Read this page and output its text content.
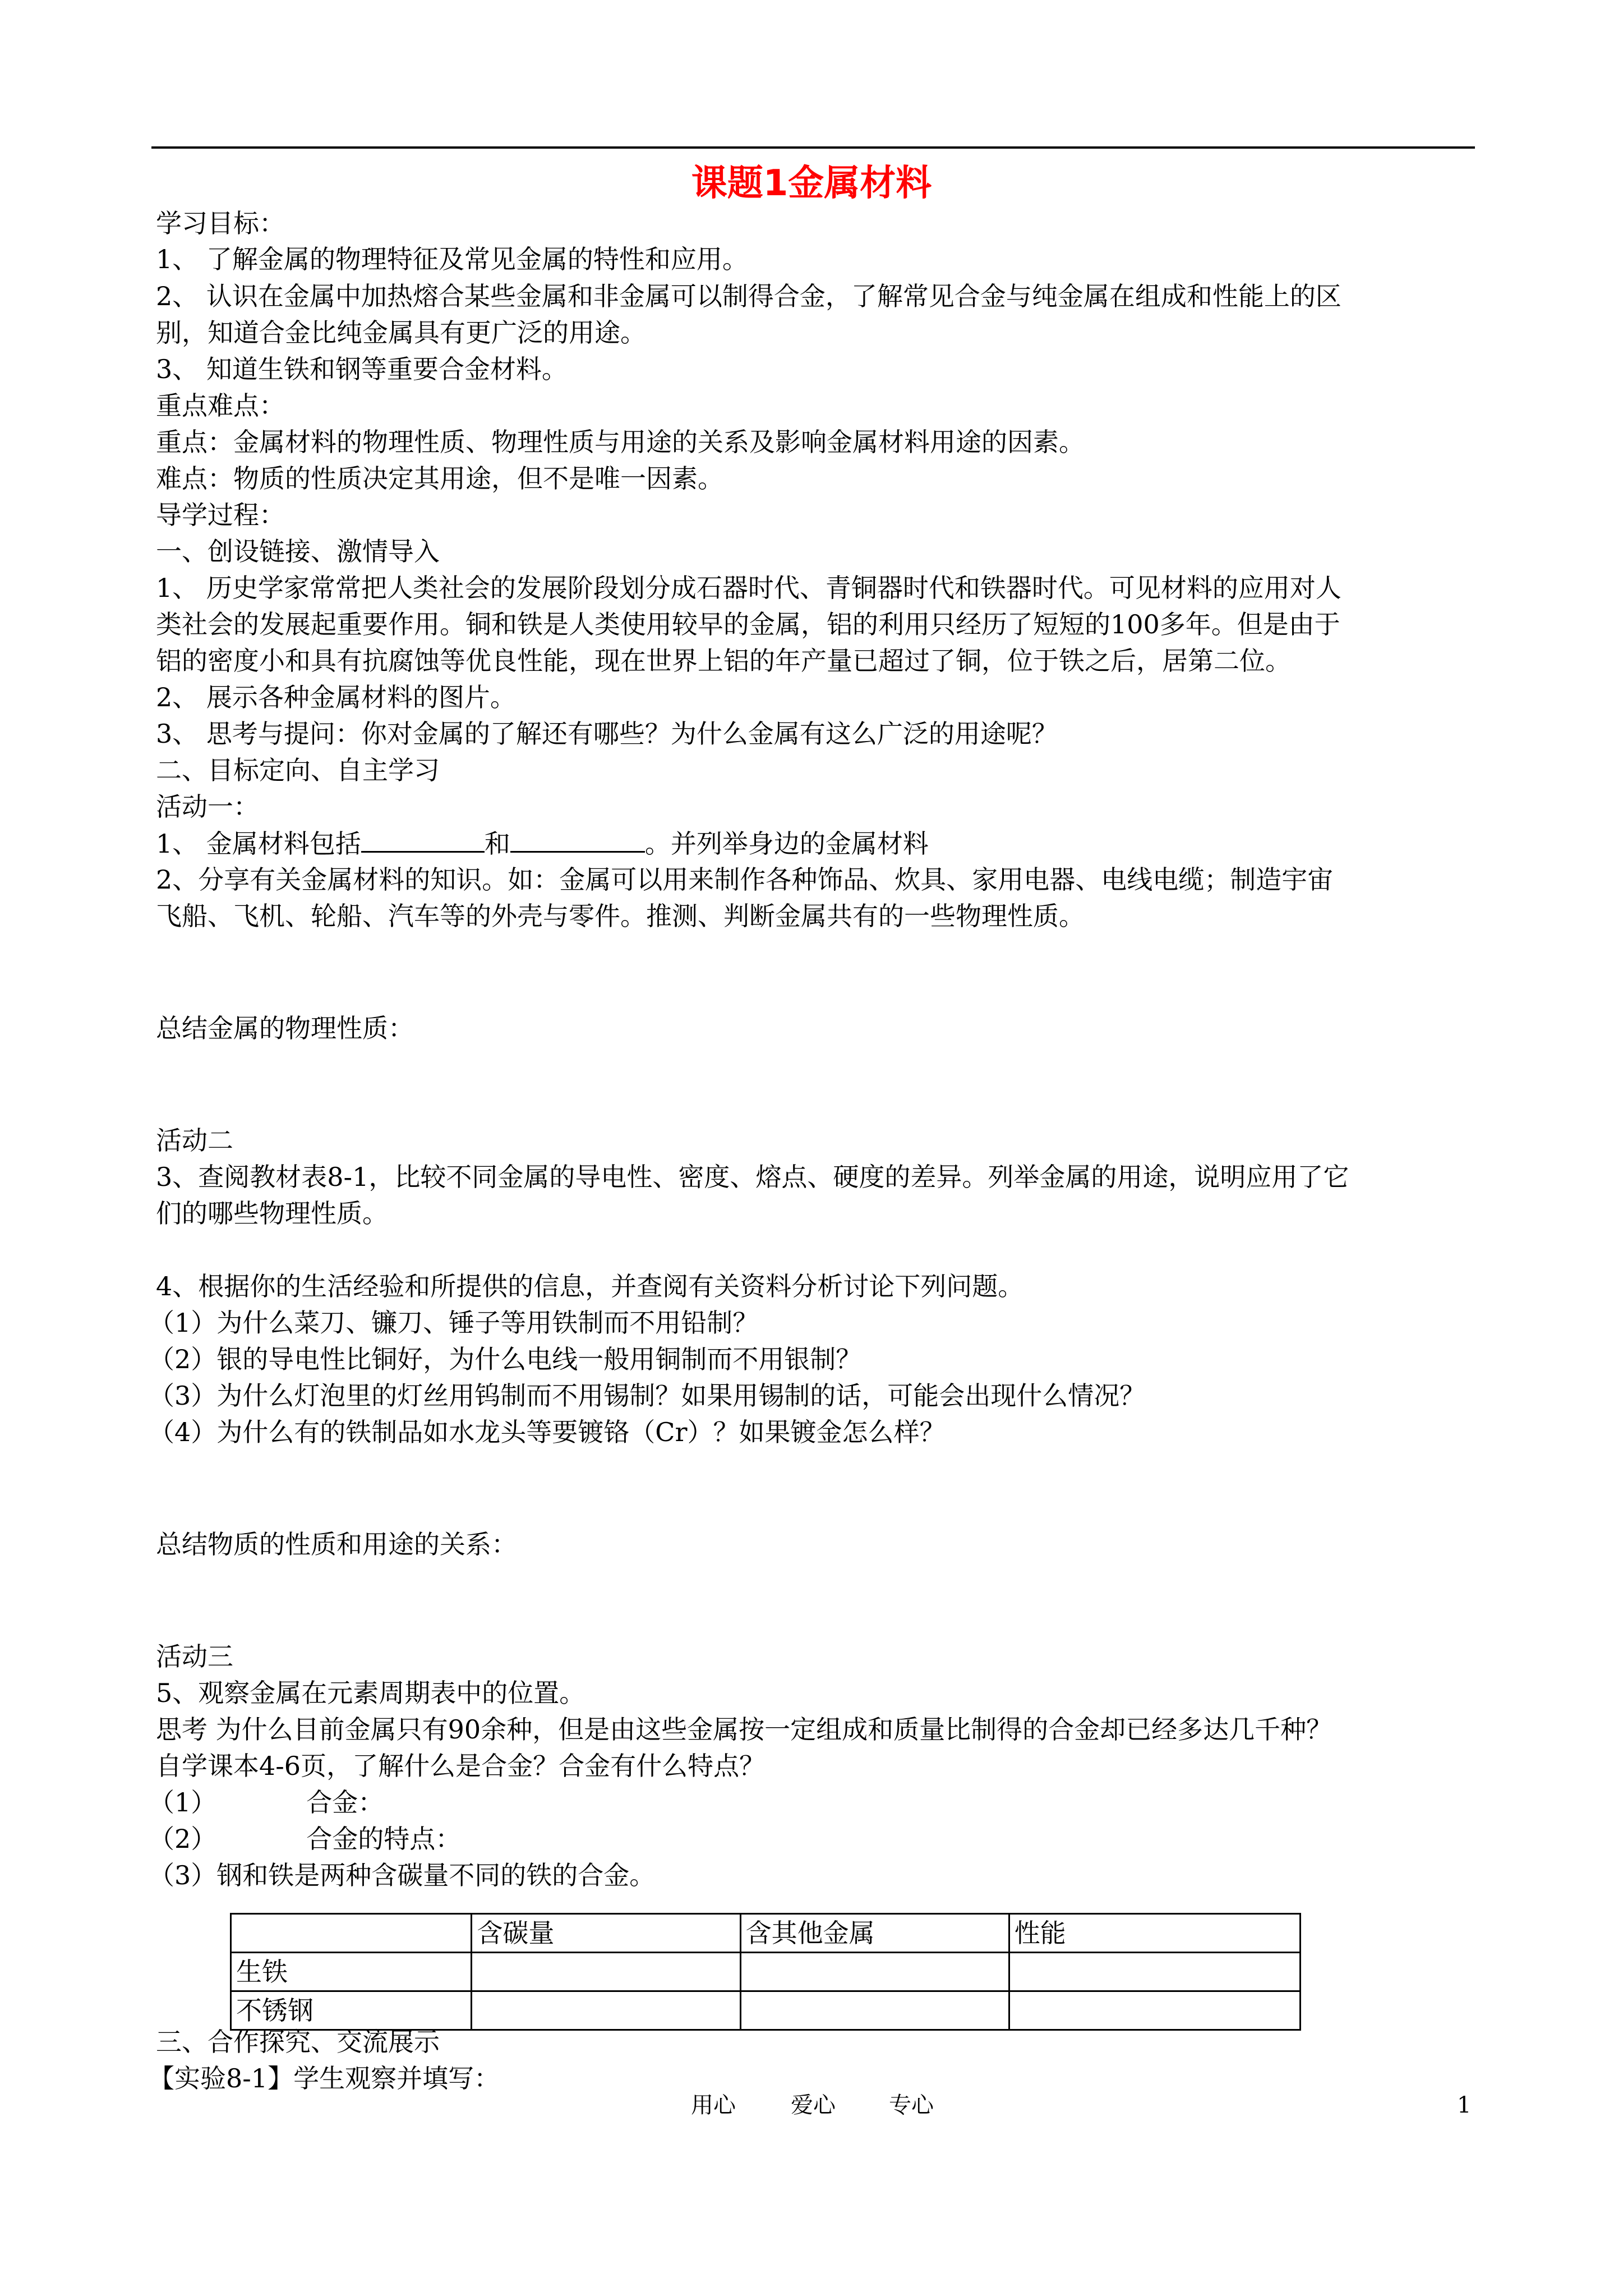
课题1金属材料
学习目标：
1、 了解金属的物理特征及常见金属的特性和应用。
2、 认识在金属中加热熔合某些金属和非金属可以制得合金，了解常见合金与纯金属在组成和性能上的区
别，知道合金比纯金属具有更广泛的用途。
3、 知道生铁和钢等重要合金材料。
重点难点：
重点：金属材料的物理性质、物理性质与用途的关系及影响金属材料用途的因素。
难点：物质的性质决定其用途，但不是唯一因素。
导学过程：
一、创设链接、激情导入
1、 历史学家常常把人类社会的发展阶段划分成石器时代、青铜器时代和铁器时代。可见材料的应用对人
类社会的发展起重要作用。铜和铁是人类使用较早的金属，铝的利用只经历了短短的100多年。但是由于
铝的密度小和具有抗腐蚀等优良性能，现在世界上铝的年产量已超过了铜，位于铁之后，居第二位。
2、 展示各种金属材料的图片。
3、 思考与提问：你对金属的了解还有哪些？为什么金属有这么广泛的用途呢？
二、目标定向、自主学习
活动一：
1、 金属材料包括	和	。并列举身边的金属材料
2、分享有关金属材料的知识。如：金属可以用来制作各种饰品、炊具、家用电器、电线电缆；制造宇宙
飞船、飞机、轮船、汽车等的外壳与零件。推测、判断金属共有的一些物理性质。
总结金属的物理性质：
活动二
3、查阅教材表8-1，比较不同金属的导电性、密度、熔点、硬度的差异。列举金属的用途，说明应用了它
们的哪些物理性质。
4、根据你的生活经验和所提供的信息，并查阅有关资料分析讨论下列问题。
（1）为什么菜刀、镰刀、锤子等用铁制而不用铅制？
（2）银的导电性比铜好，为什么电线一般用铜制而不用银制？
（3）为什么灯泡里的灯丝用钨制而不用锡制？如果用锡制的话，可能会出现什么情况？
（4）为什么有的铁制品如水龙头等要镀铬（Cr）？如果镀金怎么样？
总结物质的性质和用途的关系：
活动三
5、观察金属在元素周期表中的位置。
思考 为什么目前金属只有90余种，但是由这些金属按一定组成和质量比制得的合金却已经多达几千种？
自学课本4-6页，了解什么是合金？合金有什么特点？
（1）	合金：
（2）	合金的特点：
（3）钢和铁是两种含碳量不同的铁的合金。
	含碳量	含其他金属	性能
生铁			
不锈钢			
三、合作探究、交流展示
【实验8-1】学生观察并填写：
用心 爱心 专心	1
